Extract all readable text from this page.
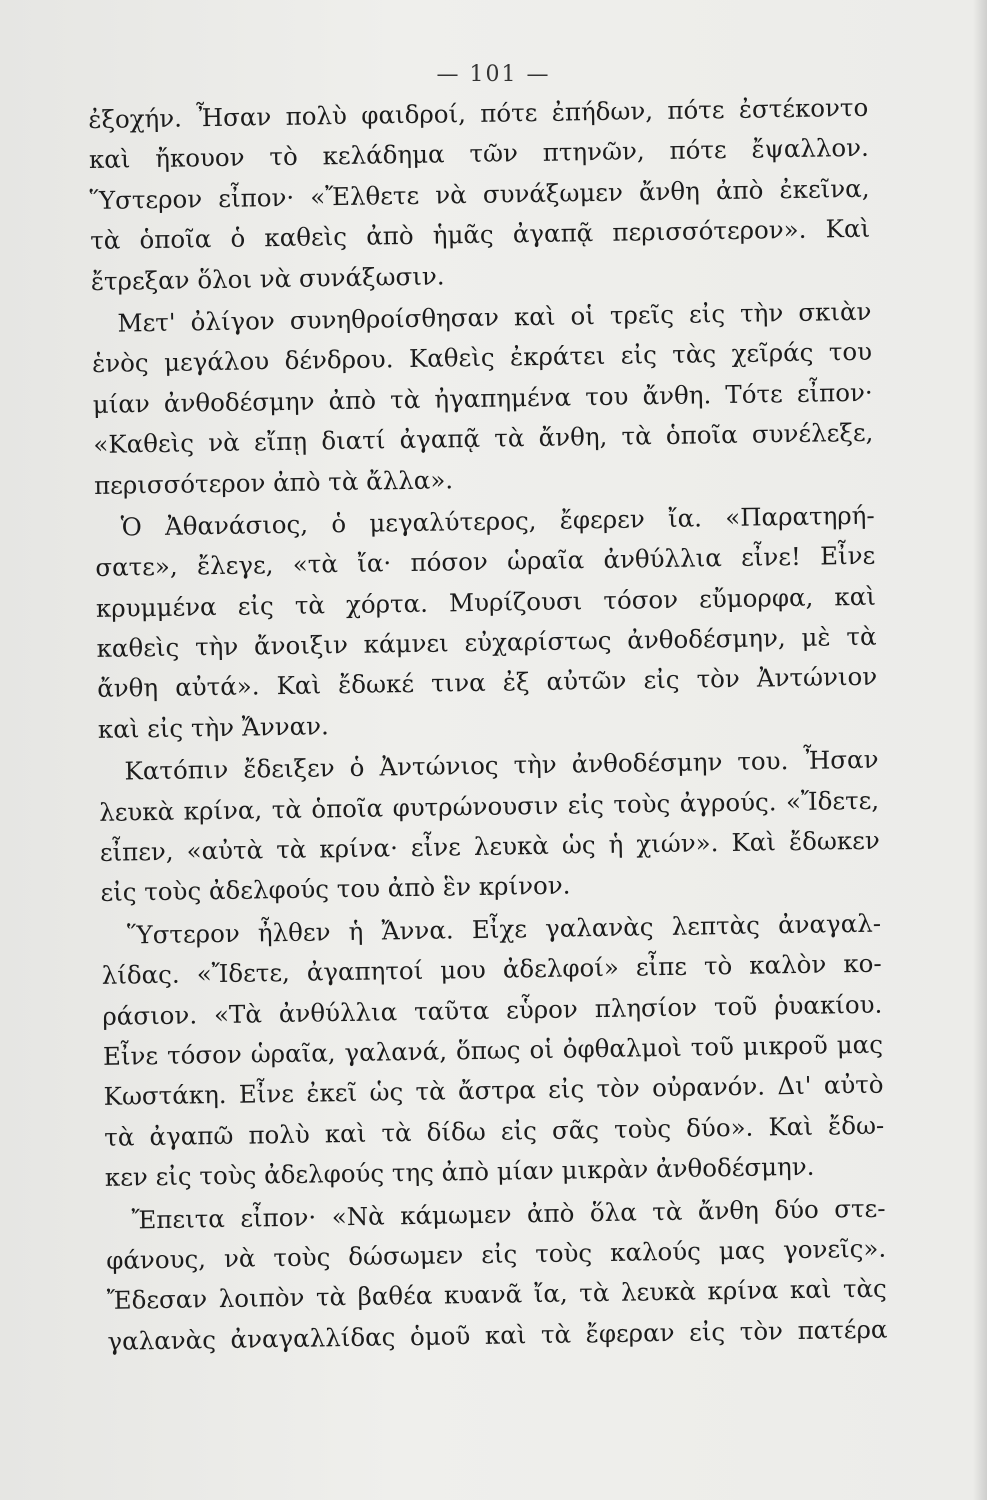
— 101 —
ἐξοχήν. Ἦσαν πολὺ φαιδροί, πότε ἐπήδων, πότε ἐστέκοντο
καὶ ἤκουον τὸ κελάδημα τῶν πτηνῶν, πότε ἔψαλλον.
Ὕστερον εἶπον· «Ἔλθετε νὰ συνάξωμεν ἄνθη ἀπὸ ἐκεῖνα,
τὰ ὁποῖα ὁ καθεὶς ἀπὸ ἡμᾶς ἀγαπᾷ περισσότερον». Καὶ
ἔτρεξαν ὅλοι νὰ συνάξωσιν.
Μετ' ὀλίγον συνηθροίσθησαν καὶ οἱ τρεῖς εἰς τὴν σκιὰν
ἑνὸς μεγάλου δένδρου. Καθεὶς ἐκράτει εἰς τὰς χεῖράς του
μίαν ἀνθοδέσμην ἀπὸ τὰ ἠγαπημένα του ἄνθη. Τότε εἶπον·
«Καθεὶς νὰ εἴπῃ διατί ἀγαπᾷ τὰ ἄνθη, τὰ ὁποῖα συνέλεξε,
περισσότερον ἀπὸ τὰ ἄλλα».
Ὁ Ἀθανάσιος, ὁ μεγαλύτερος, ἔφερεν ἴα. «Παρατηρή-
σατε», ἔλεγε, «τὰ ἴα· πόσον ὡραῖα ἀνθύλλια εἶνε! Εἶνε
κρυμμένα εἰς τὰ χόρτα. Μυρίζουσι τόσον εὔμορφα, καὶ
καθεὶς τὴν ἄνοιξιν κάμνει εὐχαρίστως ἀνθοδέσμην, μὲ τὰ
ἄνθη αὐτά». Καὶ ἔδωκέ τινα ἐξ αὐτῶν εἰς τὸν Ἀντώνιον
καὶ εἰς τὴν Ἄνναν.
Κατόπιν ἔδειξεν ὁ Ἀντώνιος τὴν ἀνθοδέσμην του. Ἦσαν
λευκὰ κρίνα, τὰ ὁποῖα φυτρώνουσιν εἰς τοὺς ἀγρούς. «Ἴδετε,
εἶπεν, «αὐτὰ τὰ κρίνα· εἶνε λευκὰ ὡς ἡ χιών». Καὶ ἔδωκεν
εἰς τοὺς ἀδελφούς του ἀπὸ ἓν κρίνον.
Ὕστερον ἦλθεν ἡ Ἄννα. Εἶχε γαλανὰς λεπτὰς ἀναγαλ-
λίδας. «Ἴδετε, ἀγαπητοί μου ἀδελφοί» εἶπε τὸ καλὸν κο-
ράσιον. «Τὰ ἀνθύλλια ταῦτα εὗρον πλησίον τοῦ ῥυακίου.
Εἶνε τόσον ὡραῖα, γαλανά, ὅπως οἱ ὀφθαλμοὶ τοῦ μικροῦ μας
Κωστάκη. Εἶνε ἐκεῖ ὡς τὰ ἄστρα εἰς τὸν οὐρανόν. Δι' αὐτὸ
τὰ ἀγαπῶ πολὺ καὶ τὰ δίδω εἰς σᾶς τοὺς δύο». Καὶ ἔδω-
κεν εἰς τοὺς ἀδελφούς της ἀπὸ μίαν μικρὰν ἀνθοδέσμην.
Ἔπειτα εἶπον· «Νὰ κάμωμεν ἀπὸ ὅλα τὰ ἄνθη δύο στε-
φάνους, νὰ τοὺς δώσωμεν εἰς τοὺς καλούς μας γονεῖς».
Ἔδεσαν λοιπὸν τὰ βαθέα κυανᾶ ἴα, τὰ λευκὰ κρίνα καὶ τὰς
γαλανὰς ἀναγαλλίδας ὁμοῦ καὶ τὰ ἔφεραν εἰς τὸν πατέρα
